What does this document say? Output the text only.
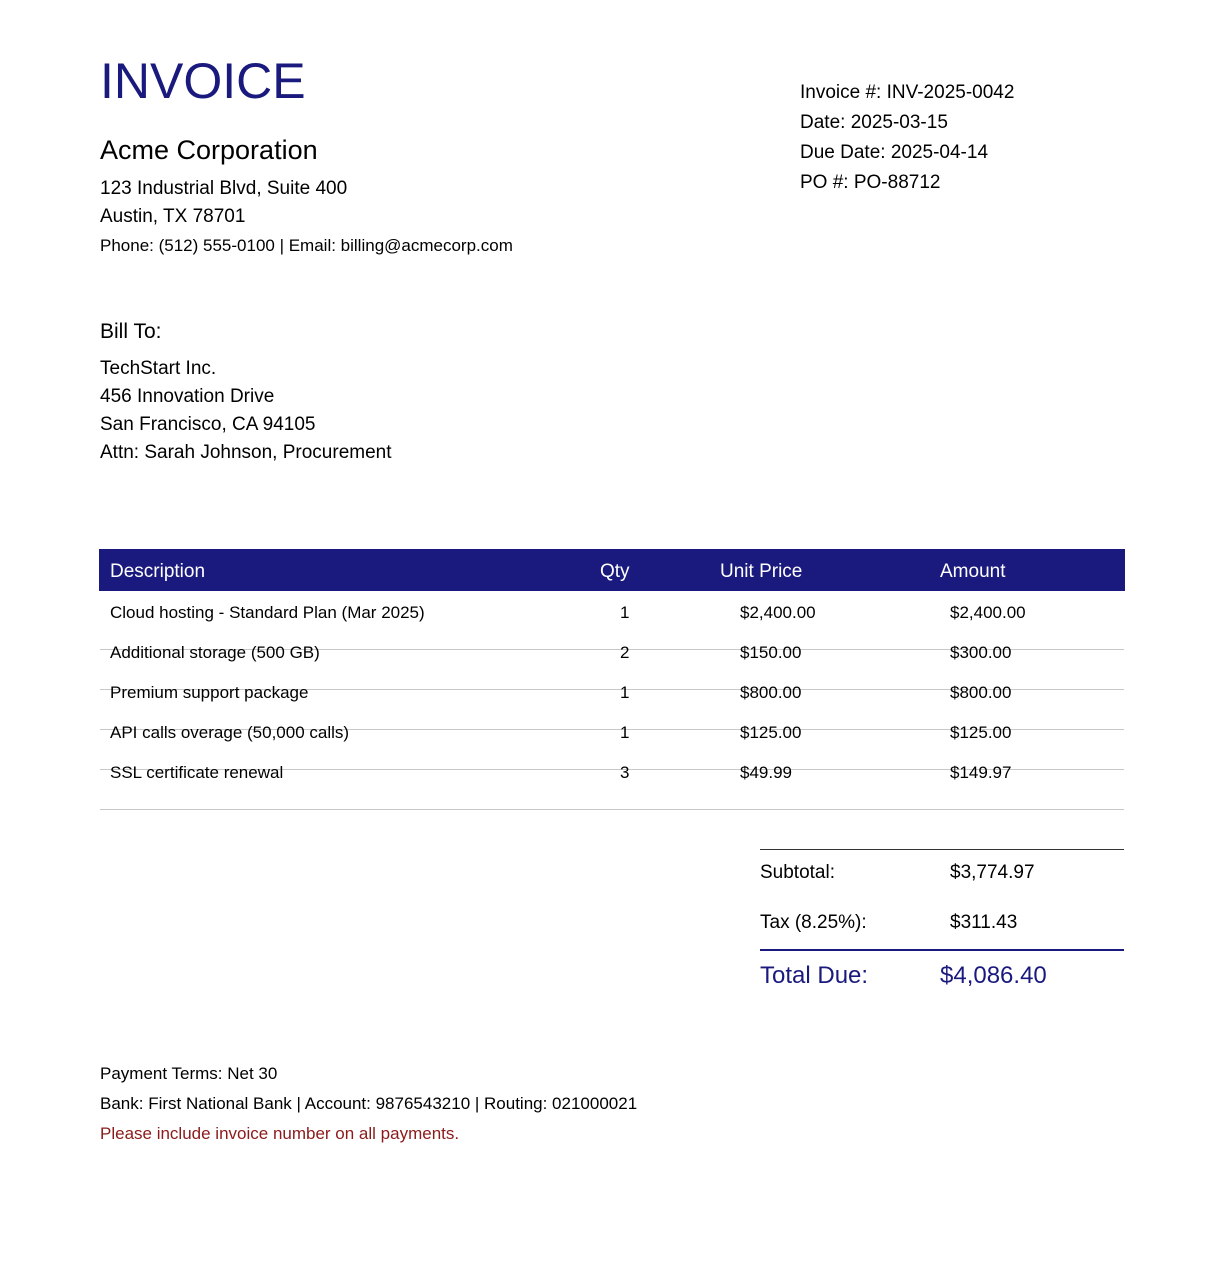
INVOICE
Acme Corporation
123 Industrial Blvd, Suite 400
Austin, TX 78701
Phone: (512) 555-0100 | Email: billing@acmecorp.com
Invoice #: INV-2025-0042
Date: 2025-03-15
Due Date: 2025-04-14
PO #: PO-88712
Bill To:
TechStart Inc.
456 Innovation Drive
San Francisco, CA 94105
Attn: Sarah Johnson, Procurement
Description	Qty	Unit Price	Amount
Cloud hosting - Standard Plan (Mar 2025)	1	$2,400.00	$2,400.00
Additional storage (500 GB)	2	$150.00	$300.00
Premium support package	1	$800.00	$800.00
API calls overage (50,000 calls)	1	$125.00	$125.00
SSL certificate renewal	3	$49.99	$149.97
Subtotal:	$3,774.97
Tax (8.25%):	$311.43
Total Due:	$4,086.40
Payment Terms: Net 30
Bank: First National Bank | Account: 9876543210 | Routing: 021000021
Please include invoice number on all payments.
